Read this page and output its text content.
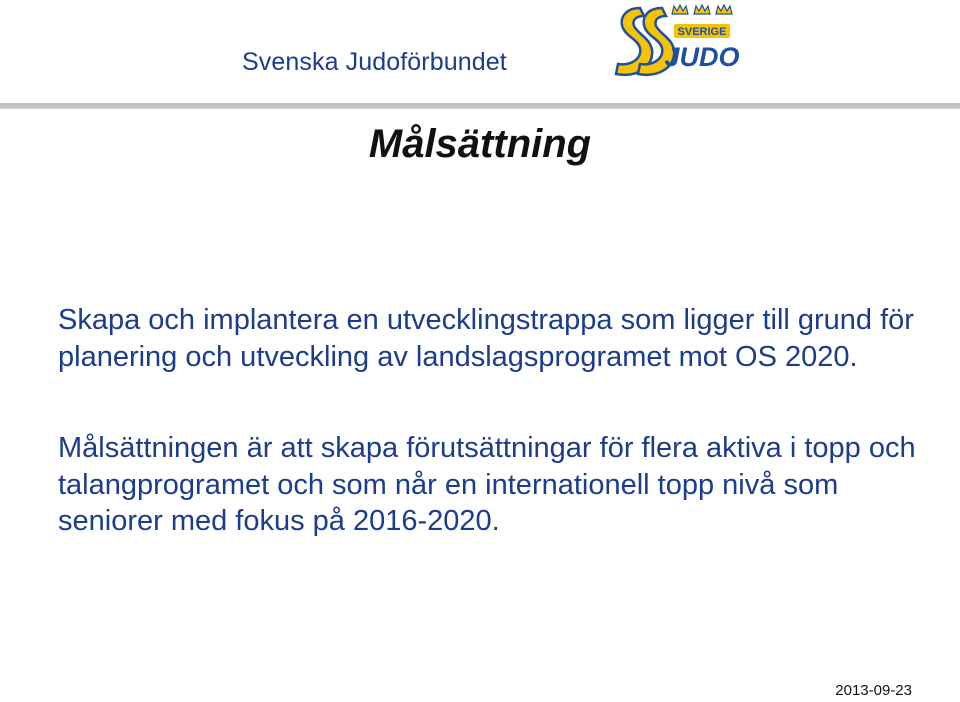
Svenska Judoförbundet
SVERIGE
JUDO
Målsättning

Skapa och implantera en utvecklingstrappa som ligger till grund för planering och utveckling av landslagsprogramet mot OS 2020.

Målsättningen är att skapa förutsättningar för flera aktiva i topp och talangprogramet och som når en internationell topp nivå som seniorer med fokus på 2016-2020.

2013-09-23
